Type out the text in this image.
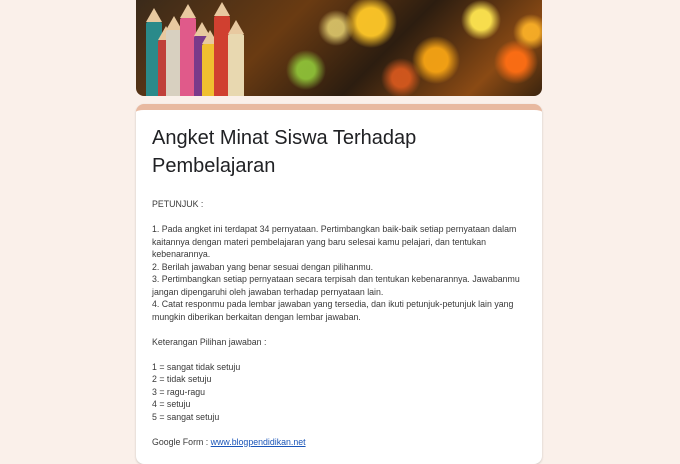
Angket Minat Siswa Terhadap Pembelajaran

PETUNJUK :

1. Pada angket ini terdapat 34 pernyataan. Pertimbangkan baik-baik setiap pernyataan dalam kaitannya dengan materi pembelajaran yang baru selesai kamu pelajari, dan tentukan kebenarannya.

2. Berilah jawaban yang benar sesuai dengan pilihanmu.

3. Pertimbangkan setiap pernyataan secara terpisah dan tentukan kebenarannya. Jawabanmu jangan dipengaruhi oleh jawaban terhadap pernyataan lain.

4. Catat responmu pada lembar jawaban yang tersedia, dan ikuti petunjuk-petunjuk lain yang mungkin diberikan berkaitan dengan lembar jawaban.

Keterangan Pilihan jawaban :

1 = sangat tidak setuju

2 = tidak setuju

3 = ragu-ragu

4 = setuju

5 = sangat setuju

Google Form : www.blogpendidikan.net
